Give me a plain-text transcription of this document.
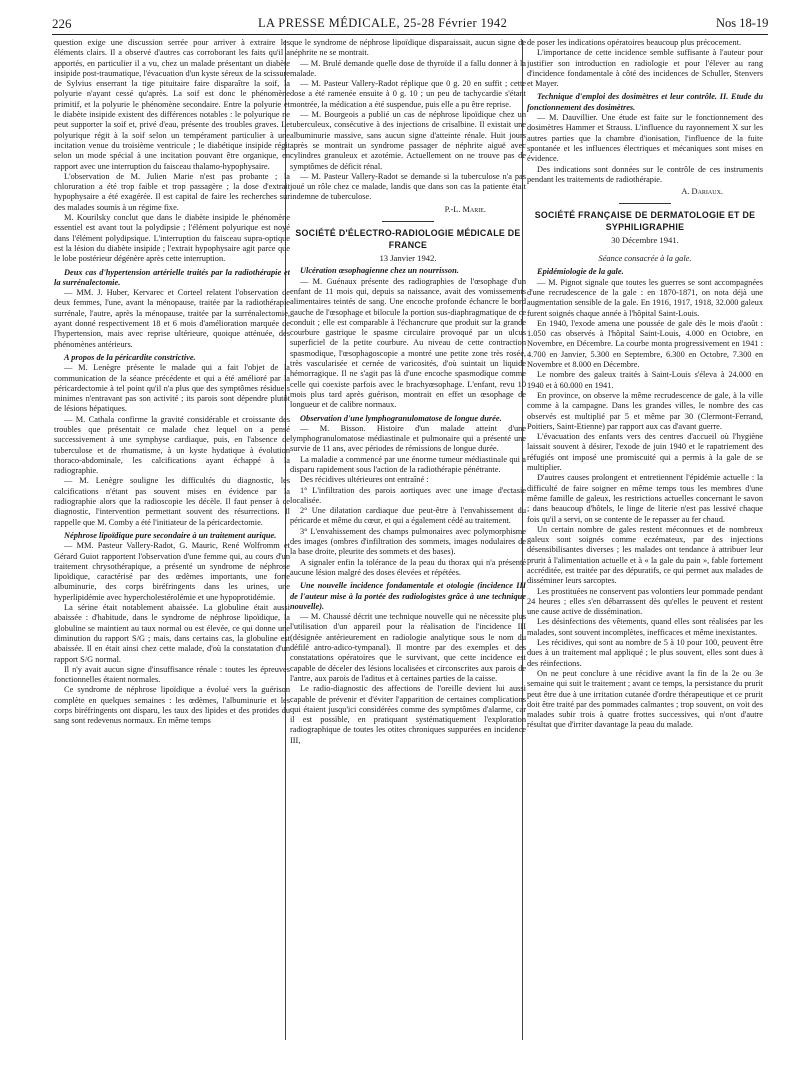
226	LA PRESSE MÉDICALE, 25-28 Février 1942	Nos 18-19

question exige une discussion serrée pour arriver à extraire les éléments clairs. Il a observé d'autres cas corroborant les faits qu'il a apportés, en particulier il a vu, chez un malade présentant un diabète insipide post-traumatique, l'évacuation d'un kyste séreux de la scissure de Sylvius enserrant la tige pituitaire faire disparaître la soif, la polyurie n'ayant cessé qu'après. La soif est donc le phénomène primitif, et la polyurie le phénomène secondaire. Entre la polyurie et le diabète insipide existent des différences notables : le polyurique ne peut supporter la soif et, privé d'eau, présente des troubles graves. Le polyurique régit à la soif selon un tempérament particulier à une incitation venue du troisième ventricule ; le diabétique insipide régit selon un mode spécial à une incitation pouvant être organique, en rapport avec une interruption du faisceau thalamo-hypophysaire.

L'observation de M. Julien Marie n'est pas probante ; la chloruration a été trop faible et trop passagère ; la dose d'extrait hypophysaire a été exagérée. Il est capital de faire les recherches sur des malades soumis à un régime fixe.

M. Kourilsky conclut que dans le diabète insipide le phénomène essentiel est avant tout la polydipsie ; l'élément polyurique est noyé dans l'élément polydipsique. L'interruption du faisceau supra-optique est la lésion du diabète insipide ; l'extrait hypophysaire agit parce que le lobe postérieur dégénère après cette interruption.

Deux cas d'hypertension artérielle traités par la radiothérapie et la surrénalectomie.

— MM. J. Huber, Kervarec et Corteel relatent l'observation de deux femmes, l'une, avant la ménopause, traitée par la radiothérapie surrénale, l'autre, après la ménopause, traitée par la surrénalectomie, ayant donné respectivement 18 et 6 mois d'amélioration marquée de l'hypertension, mais avec reprise ultérieure, quoique atténuée, des phénomènes antérieurs.

A propos de la péricardite constrictive.

— M. Lenègre présente le malade qui a fait l'objet de la communication de la séance précédente et qui a été amélioré par la péricardectomie à tel point qu'il n'a plus que des symptômes résiduels minimes n'entravant pas son activité ; its parois sont dépendre plutôt de lésions hépatiques.

— M. Cathala confirme la gravité considérable et croissante des troubles que présentait ce malade chez lequel on a pensé successivement à une symphyse cardiaque, puis, en l'absence de tuberculose et de rhumatisme, à un kyste hydatique à évolution thoraco-abdominale, les calcifications ayant échappé à la radiographie.

— M. Lenègre souligne les difficultés du diagnostic, les calcifications n'étant pas souvent mises en évidence par la radiographie alors que la radioscopie les décèle. Il faut penser à ce diagnostic, l'intervention permettant souvent des résurrections. Il rappelle que M. Comby a été l'initiateur de la péricardectomie.

Néphrose lipoïdique pure secondaire à un traitement aurique.

— MM. Pasteur Vallery-Radot, G. Mauric, René Wolfromm et Gérard Guiot rapportent l'observation d'une femme qui, au cours d'un traitement chrysothérapique, a présenté un syndrome de néphrose lipoïdique, caractérisé par des œdèmes importants, une forte albuminurie, des corps biréfringents dans les urines, une hyperlipidémie avec hypercholestérolémie et une hypoprotidémie.

La sérine était notablement abaissée. La globuline était aussi abaissée : d'habitude, dans le syndrome de néphrose lipoïdique, la globuline se maintient au taux normal ou est élevée, ce qui donne une diminution du rapport S/G ; mais, dans certains cas, la globuline est abaissée. Il en était ainsi chez cette malade, d'où la constatation d'un rapport S/G normal.

Il n'y avait aucun signe d'insuffisance rénale : toutes les épreuves fonctionnelles étaient normales.

Ce syndrome de néphrose lipoïdique a évolué vers la guérison complète en quelques semaines : les œdèmes, l'albuminurie et les corps biréfringents ont disparu, les taux des lipides et des protides du sang sont redevenus normaux. En même temps

que le syndrome de néphrose lipoïdique disparaissait, aucun signe de néphrite ne se montrait.

— M. Brulé demande quelle dose de thyroïde il a fallu donner à la malade.

— M. Pasteur Vallery-Radot réplique que 0 g. 20 en suffit ; cette dose a été ramenée ensuite à 0 g. 10 ; un peu de tachycardie s'étant montrée, la médication a été suspendue, puis elle a pu être reprise.

— M. Bourgeois a publié un cas de néphrose lipoïdique chez un tuberculeux, consécutive à des injections de crisalbine. Il existait une albuminurie massive, sans aucun signe d'atteinte rénale. Huit jours après se montrait un syndrome passager de néphrite aiguë avec cylindres granuleux et azotémie. Actuellement on ne trouve pas de symptômes de déficit rénal.

— M. Pasteur Vallery-Radot se demande si la tuberculose n'a pas joué un rôle chez ce malade, landis que dans son cas la patiente était indemne de tuberculose.

P.-L. Marie.

SOCIÉTÉ D'ÉLECTRO-RADIOLOGIE MÉDICALE DE FRANCE

13 Janvier 1942.

Ulcération œsophagienne chez un nourrisson.

— M. Guénaux présente des radiographies de l'œsophage d'un enfant de 11 mois qui, depuis sa naissance, avait des vomissements alimentaires teintés de sang. Une encoche profonde échancre le bord gauche de l'œsophage et bilocule la portion sus-diaphragmatique de ce conduit ; elle est comparable à l'échancrure que produit sur la grande courbure gastrique le spasme circulaire provoqué par un ulcus superficiel de la petite courbure. Au niveau de cette contraction spasmodique, l'œsophagoscopie a montré une petite zone très rosée, très vascularisée et cernée de varicosités, d'où suintait un liquide hémorragique. Il ne s'agit pas là d'une encoche spasmodique comme celle qui coexiste parfois avec le brachyœsophage. L'enfant, revu 10 mois plus tard après guérison, montrait en effet un œsophage de longueur et de calibre normaux.

Observation d'une lymphogranulomatose de longue durée.

— M. Bisson. Histoire d'un malade atteint d'une lymphogranulomatose médiastinale et pulmonaire qui a présenté une survie de 11 ans, avec périodes de rémissions de longue durée.

La maladie a commencé par une énorme tumeur médiastinale qui a disparu rapidement sous l'action de la radiothérapie pénétrante.

Des récidives ultérieures ont entraîné :

1° L'infiltration des parois aortiques avec une image d'ectasie localisée.

2° Une dilatation cardiaque due peut-être à l'envahissement du péricarde et même du cœur, et qui a également cédé au traitement.

3° L'envahissement des champs pulmonaires avec polymorphisme des images (ombres d'infiltration des sommets, images nodulaires de la base droite, pleurite des sommets et des bases).

A signaler enfin la tolérance de la peau du thorax qui n'a présenté aucune lésion malgré des doses élevées et répétées.

Une nouvelle incidence fondamentale et otologie (incidence III de l'auteur mise à la portée des radiologistes grâce à une technique nouvelle).

— M. Chaussé décrit une technique nouvelle qui ne nécessite plus l'utilisation d'un appareil pour la réalisation de l'incidence III (désignée antérieurement en radiologie analytique sous le nom du défilé antro-adico-tympanal). Il montre par des exemples et des constatations opératoires que le survivant, que cette incidence est capable de déceler des lésions localisées et circonscrites aux parois de l'antre, aux parois de l'aditus et à certaines parties de la caisse.

Le radio-diagnostic des affections de l'oreille devient lui aussi capable de prévenir et d'éviter l'apparition de certaines complications qui étaient jusqu'ici considérées comme des symptômes d'alarme, car il est possible, en pratiquant systématiquement l'exploration radiographique de toutes les otites chroniques suppurées en incidence III,

de poser les indications opératoires beaucoup plus précocement.

L'importance de cette incidence semble suffisante à l'auteur pour justifier son introduction en radiologie et pour l'élever au rang d'incidence fondamentale à côté des incidences de Schuller, Stenvers et Mayer.

Technique d'emploi des dosimètres et leur contrôle. II. Etude du fonctionnement des dosimètres.

— M. Dauvillier. Une étude est faite sur le fonctionnement des dosimètres Hammer et Strauss. L'influence du rayonnement X sur les autres parties que la chambre d'ionisation, l'influence de la fuite spontanée et les influences électriques et mécaniques sont mises en évidence.

Des indications sont données sur le contrôle de ces instruments pendant les traitements de radiothérapie.

A. Dariaux.

SOCIÉTÉ FRANÇAISE DE DERMATOLOGIE ET DE SYPHILIGRAPHIE

30 Décembre 1941.

Séance consacrée à la gale.

Epidémiologie de la gale.

— M. Pignot signale que toutes les guerres se sont accompagnées d'une recrudescence de la gale : en 1870-1871, on nota déjà une augmentation sensible de la gale. En 1916, 1917, 1918, 32.000 galeux furent soignés chaque année à l'hôpital Saint-Louis.

En 1940, l'exode amena une poussée de gale dès le mois d'août : 1.050 cas observés à l'hôpital Saint-Louis, 4.000 en Octobre, en Novembre, en Décembre. La courbe monta progressivement en 1941 : 4.700 en Janvier, 5.300 en Septembre, 6.300 en Octobre, 7.300 en Novembre et 8.000 en Décembre.

Le nombre des galeux traités à Saint-Louis s'éleva à 24.000 en 1940 et à 60.000 en 1941.

En province, on observe la même recrudescence de gale, à la ville comme à la campagne. Dans les grandes villes, le nombre des cas observés est multiplié par 5 et même par 30 (Clermont-Ferrand, Poitiers, Saint-Etienne) par rapport aux cas d'avant guerre.

L'évacuation des enfants vers des centres d'accueil où l'hygiène laissait souvent à désirer, l'exode de juin 1940 et le rapatriement des réfugiés ont imposé une promiscuité qui a permis à la gale de se multiplier.

D'autres causes prolongent et entretiennent l'épidémie actuelle : la difficulté de faire soigner en même temps tous les membres d'une même famille de galeux, les restrictions actuelles concernant le savon ; dans beaucoup d'hôtels, le linge de literie n'est pas lessivé chaque fois qu'il a servi, on se contente de le repasser au fer chaud.

Un certain nombre de gales restent méconnues et de nombreux galeux sont soignés comme eczémateux, par des injections désensibilisantes diverses ; les malades ont tendance à attribuer leur prurit à l'alimentation actuelle et à « la gale du pain », fable fortement accréditée, est traitée par des dépuratifs, ce qui permet aux malades de disséminer leurs sarcoptes.

Les prostituées ne conservent pas volontiers leur pommade pendant 24 heures ; elles s'en débarrassent dès qu'elles le peuvent et restent une cause active de dissémination.

Les désinfections des vêtements, quand elles sont réalisées par les malades, sont souvent incomplètes, inefficaces et même inexistantes.

Les récidives, qui sont au nombre de 5 à 10 pour 100, peuvent être dues à un traitement mal appliqué ; le plus souvent, elles sont dues à des réinfections.

On ne peut conclure à une récidive avant la fin de la 2e ou 3e semaine qui suit le traitement ; avant ce temps, la persistance du prurit peut être due à une irritation cutanée d'ordre thérapeutique et ce prurit doit être traité par des pommades calmantes ; trop souvent, on voit des malades subir trois à quatre frottes successives, qui n'ont d'autre résultat que d'irriter davantage la peau du malade.
